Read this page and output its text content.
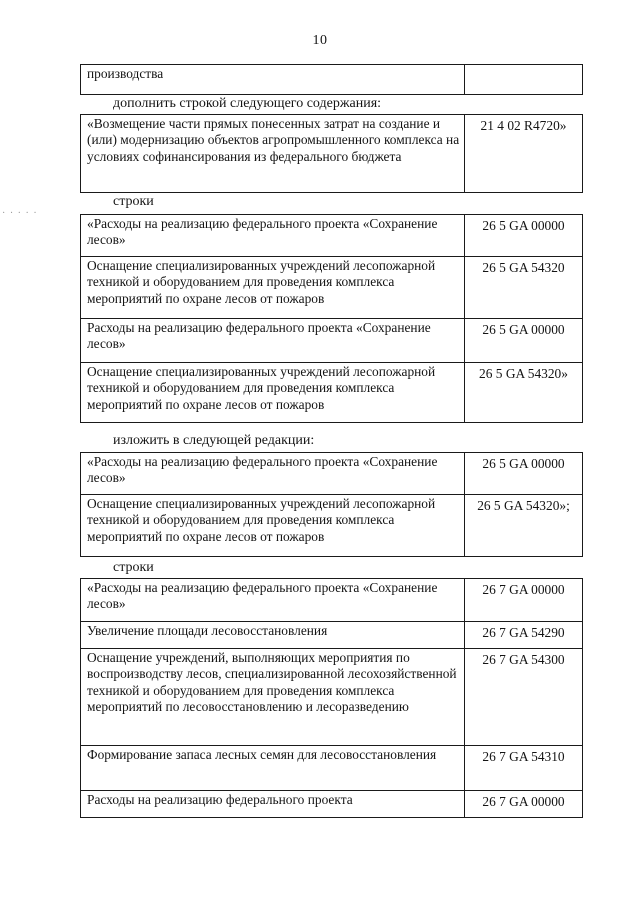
10
· · · · ·
производства	
дополнить строкой следующего содержания:
«Возмещение части прямых понесенных затрат на создание и (или) модернизацию объектов агропромышленного комплекса на условиях софинансирования из федерального бюджета	21 4 02 R4720»
строки
«Расходы на реализацию федерального проекта «Сохранение лесов»	26 5 GA 00000
Оснащение специализированных учреждений лесопожарной техникой и оборудованием для проведения комплекса мероприятий по охране лесов от пожаров	26 5 GA 54320
Расходы на реализацию федерального проекта «Сохранение лесов»	26 5 GA 00000
Оснащение специализированных учреждений лесопожарной техникой и оборудованием для проведения комплекса мероприятий по охране лесов от пожаров	26 5 GA 54320»
изложить в следующей редакции:
«Расходы на реализацию федерального проекта «Сохранение лесов»	26 5 GA 00000
Оснащение специализированных учреждений лесопожарной техникой и оборудованием для проведения комплекса мероприятий по охране лесов от пожаров	26 5 GA 54320»;
строки
«Расходы на реализацию федерального проекта «Сохранение лесов»	26 7 GA 00000
Увеличение площади лесовосстановления	26 7 GA 54290
Оснащение учреждений, выполняющих мероприятия по воспроизводству лесов, специализированной лесохозяйственной техникой и оборудованием для проведения комплекса мероприятий по лесовосстановлению и лесоразведению	26 7 GA 54300
Формирование запаса лесных семян для лесовосстановления	26 7 GA 54310
Расходы на реализацию федерального проекта	26 7 GA 00000
